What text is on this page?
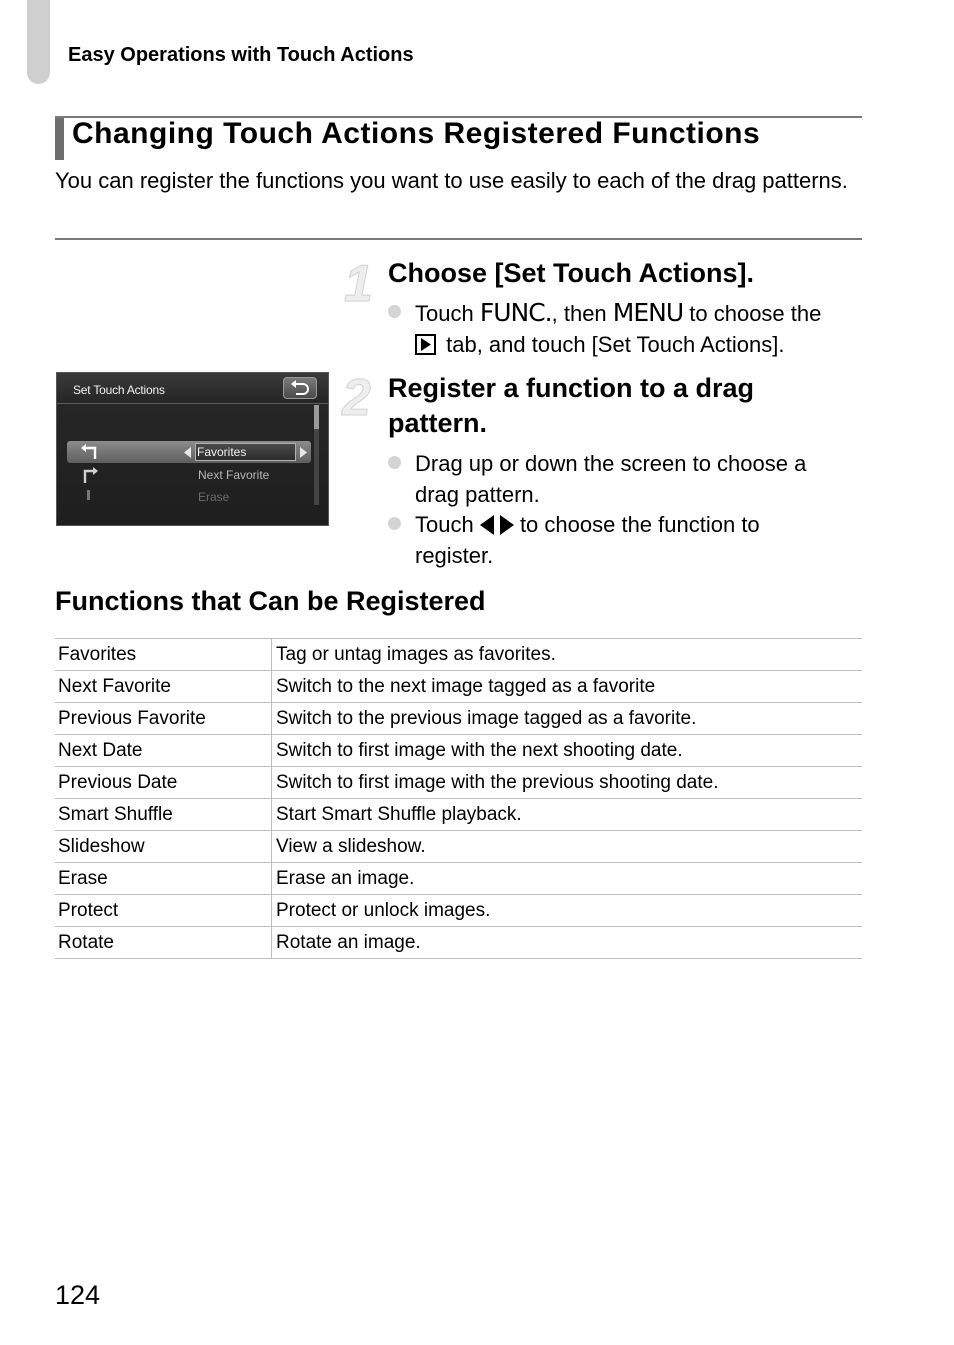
Easy Operations with Touch Actions
Changing Touch Actions Registered Functions
You can register the functions you want to use easily to each of the drag patterns.
1 Choose [Set Touch Actions].
Touch FUNC., then MENU to choose the

tab, and touch [Set Touch Actions].
2 Register a function to a drag
pattern.
Drag up or down the screen to choose a
drag pattern.
Touch  to choose the function to
register.
Set Touch Actions
Favorites
Next Favorite
Erase
Functions that Can be Registered
Favorites	Tag or untag images as favorites.
Next Favorite	Switch to the next image tagged as a favorite
Previous Favorite	Switch to the previous image tagged as a favorite.
Next Date	Switch to first image with the next shooting date.
Previous Date	Switch to first image with the previous shooting date.
Smart Shuffle	Start Smart Shuffle playback.
Slideshow	View a slideshow.
Erase	Erase an image.
Protect	Protect or unlock images.
Rotate	Rotate an image.
124
